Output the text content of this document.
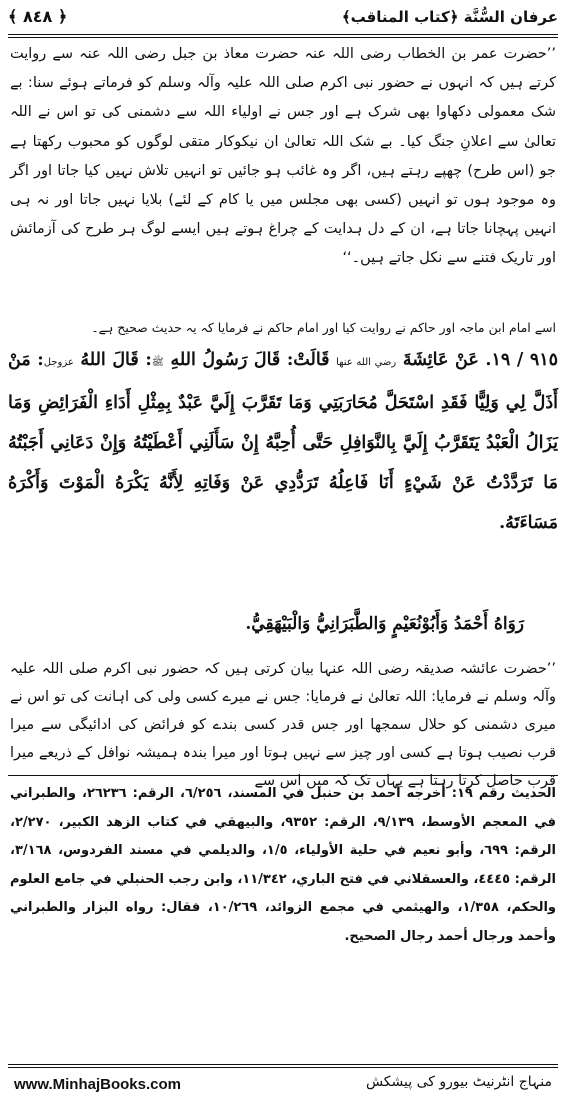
عرفان السُّنَّة ﴿كتاب المناقب﴾
﴿ ٨٤٨ ﴾
’’حضرت عمر بن الخطاب رضی اللہ عنہ حضرت معاذ بن جبل رضی اللہ عنہ سے روایت کرتے ہیں کہ انہوں نے حضور نبی اکرم صلی اللہ علیہ وآلہ وسلم کو فرماتے ہوئے سنا: بے شک معمولی دکھاوا بھی شرک ہے اور جس نے اولیاء اللہ سے دشمنی کی تو اس نے اللہ تعالیٰ سے اعلانِ جنگ کیا۔ بے شک اللہ تعالیٰ ان نیکوکار متقی لوگوں کو محبوب رکھتا ہے جو (اس طرح) چھپے رہتے ہیں، اگر وہ غائب ہو جائیں تو انہیں تلاش نہیں کیا جاتا اور اگر وہ موجود ہوں تو انہیں (کسی بھی مجلس میں یا کام کے لئے) بلایا نہیں جاتا اور نہ ہی انہیں پہچانا جاتا ہے، ان کے دل ہدایت کے چراغ ہوتے ہیں ایسے لوگ ہر طرح کی آزمائش اور تاریک فتنے سے نکل جاتے ہیں۔‘‘
اسے امام ابن ماجہ اور حاکم نے روایت کیا اور امام حاکم نے فرمایا کہ یہ حدیث صحیح ہے۔
٩١٥ / ١٩. عَنْ عَائِشَةَ رضي الله عنها قَالَتْ: قَالَ رَسُولُ اللهِ ﷺ: قَالَ اللهُ عزوجل: مَنْ أَذَلَّ لِي وَلِيًّا فَقَدِ اسْتَحَلَّ مُحَارَبَتِي وَمَا تَقَرَّبَ إِلَيَّ عَبْدٌ بِمِثْلِ أَدَاءِ الْفَرَائِضِ وَمَا يَزَالُ الْعَبْدُ يَتَقَرَّبُ إِلَيَّ بِالنَّوَافِلِ حَتَّى أُحِبَّهُ إِنْ سَأَلَنِي أَعْطَيْتُهُ وَإِنْ دَعَانِي أَجَبْتُهُ مَا تَرَدَّدْتُ عَنْ شَيْءٍ أَنَا فَاعِلُهُ تَرَدُّدِي عَنْ وَفَاتِهِ لِأَنَّهُ يَكْرَهُ الْمَوْتَ وَأَكْرَهُ مَسَاءَتَهُ.
رَوَاهُ أَحْمَدُ وَأَبُوْنُعَيْمٍ وَالطَّبَرَانِيُّ وَالْبَيْهَقِيُّ.
’’حضرت عائشہ صدیقہ رضی اللہ عنہا بیان کرتی ہیں کہ حضور نبی اکرم صلی اللہ علیہ وآلہ وسلم نے فرمایا: اللہ تعالیٰ نے فرمایا: جس نے میرے کسی ولی کی اہانت کی تو اس نے میری دشمنی کو حلال سمجھا اور جس قدر کسی بندے کو فرائض کی ادائیگی سے میرا قرب نصیب ہوتا ہے کسی اور چیز سے نہیں ہوتا اور میرا بندہ ہمیشہ نوافل کے ذریعے میرا قرب حاصل کرتا رہتا ہے یہاں تک کہ میں اس سے
الحديث رقم ١٩: أخرجه أحمد بن حنبل في المسند، ٦/٢٥٦، الرقم: ٢٦٢٣٦، والطبراني في المعجم الأوسط، ٩/١٣٩، الرقم: ٩٣٥٢، والبيهقي في كتاب الزهد الكبير، ٢/٢٧٠، الرقم: ٦٩٩، وأبو نعيم في حلية الأولياء، ١/٥، والديلمي في مسند الفردوس، ٣/١٦٨، الرقم: ٤٤٤٥، والعسقلاني في فتح الباري، ١١/٣٤٢، وابن رجب الحنبلي في جامع العلوم والحكم، ١/٣٥٨، والهيثمي في مجمع الزوائد، ١٠/٢٦٩، فقال: رواه البزار والطبراني وأحمد ورجال أحمد رجال الصحيح.
www.MinhajBooks.com	منہاج انٹرنیٹ بیورو کی پیشکش
